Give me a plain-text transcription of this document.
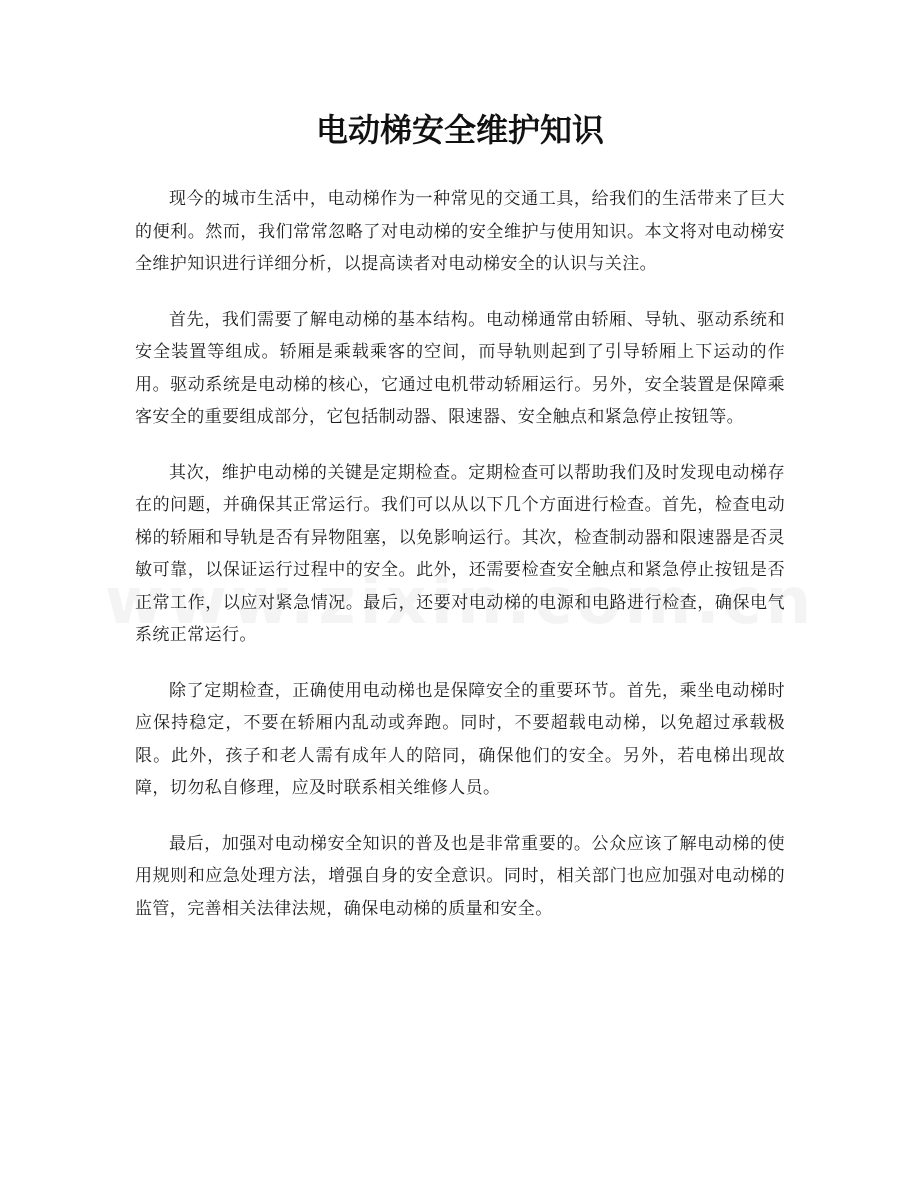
电动梯安全维护知识

现今的城市生活中，电动梯作为一种常见的交通工具，给我们的生活带来了巨大的便利。然而，我们常常忽略了对电动梯的安全维护与使用知识。本文将对电动梯安全维护知识进行详细分析，以提高读者对电动梯安全的认识与关注。

首先，我们需要了解电动梯的基本结构。电动梯通常由轿厢、导轨、驱动系统和安全装置等组成。轿厢是乘载乘客的空间，而导轨则起到了引导轿厢上下运动的作用。驱动系统是电动梯的核心，它通过电机带动轿厢运行。另外，安全装置是保障乘客安全的重要组成部分，它包括制动器、限速器、安全触点和紧急停止按钮等。

其次，维护电动梯的关键是定期检查。定期检查可以帮助我们及时发现电动梯存在的问题，并确保其正常运行。我们可以从以下几个方面进行检查。首先，检查电动梯的轿厢和导轨是否有异物阻塞，以免影响运行。其次，检查制动器和限速器是否灵敏可靠，以保证运行过程中的安全。此外，还需要检查安全触点和紧急停止按钮是否正常工作，以应对紧急情况。最后，还要对电动梯的电源和电路进行检查，确保电气系统正常运行。

除了定期检查，正确使用电动梯也是保障安全的重要环节。首先，乘坐电动梯时应保持稳定，不要在轿厢内乱动或奔跑。同时，不要超载电动梯，以免超过承载极限。此外，孩子和老人需有成年人的陪同，确保他们的安全。另外，若电梯出现故障，切勿私自修理，应及时联系相关维修人员。

最后，加强对电动梯安全知识的普及也是非常重要的。公众应该了解电动梯的使用规则和应急处理方法，增强自身的安全意识。同时，相关部门也应加强对电动梯的监管，完善相关法律法规，确保电动梯的质量和安全。
